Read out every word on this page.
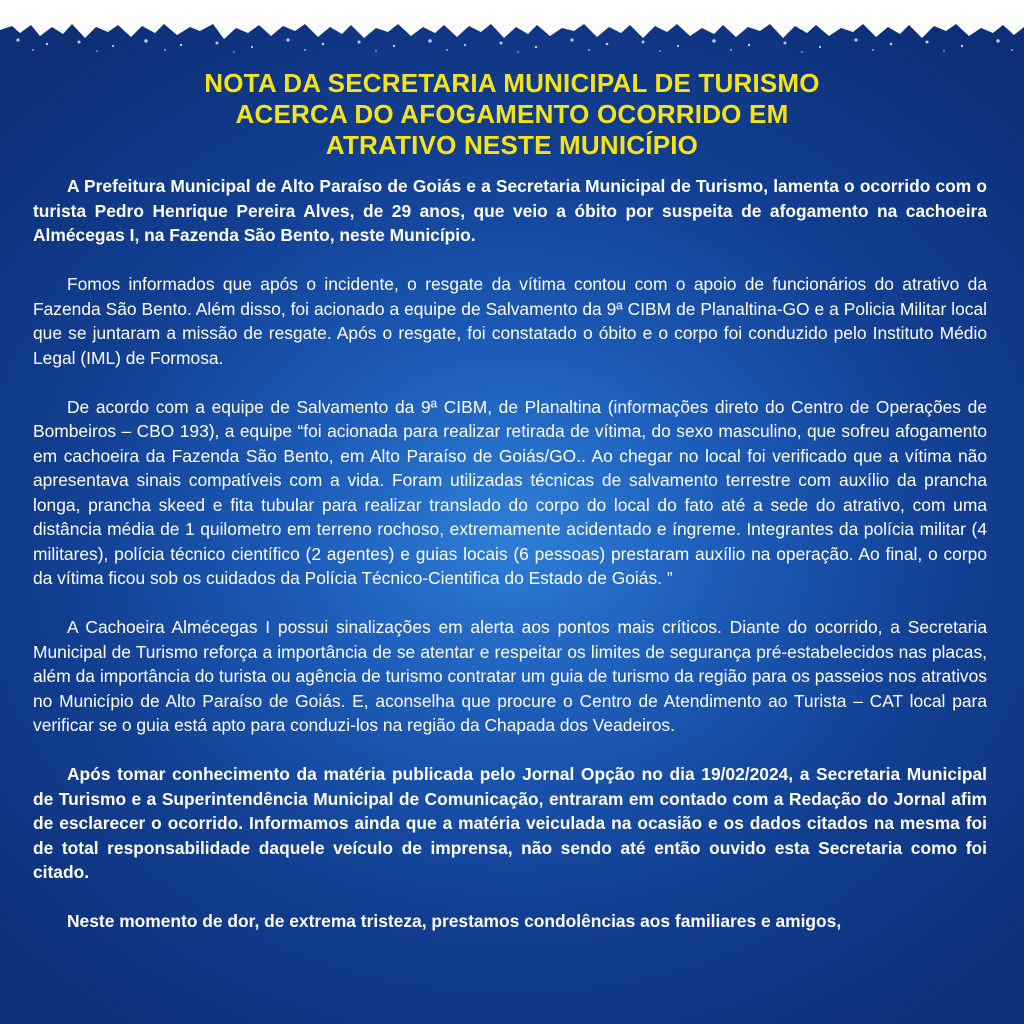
NOTA DA SECRETARIA MUNICIPAL DE TURISMO
ACERCA DO AFOGAMENTO OCORRIDO EM
ATRATIVO NESTE MUNICÍPIO

A Prefeitura Municipal de Alto Paraíso de Goiás e a Secretaria Municipal de Turismo, lamenta o ocorrido com o turista Pedro Henrique Pereira Alves, de 29 anos, que veio a óbito por suspeita de afogamento na cachoeira Almécegas I, na Fazenda São Bento, neste Município.

Fomos informados que após o incidente, o resgate da vítima contou com o apoio de funcionários do atrativo da Fazenda São Bento. Além disso, foi acionado a equipe de Salvamento da 9ª CIBM de Planaltina-GO e a Policia Militar local que se juntaram a missão de resgate. Após o resgate, foi constatado o óbito e o corpo foi conduzido pelo Instituto Médio Legal (IML) de Formosa.

De acordo com a equipe de Salvamento da 9ª CIBM, de Planaltina (informações direto do Centro de Operações de Bombeiros – CBO 193), a equipe “foi acionada para realizar retirada de vítima, do sexo masculino, que sofreu afogamento em cachoeira da Fazenda São Bento, em Alto Paraíso de Goiás/GO.. Ao chegar no local foi verificado que a vítima não apresentava sinais compatíveis com a vida. Foram utilizadas técnicas de salvamento terrestre com auxílio da prancha longa, prancha skeed e fita tubular para realizar translado do corpo do local do fato até a sede do atrativo, com uma distância média de 1 quilometro em terreno rochoso, extremamente acidentado e íngreme. Integrantes da polícia militar (4 militares), polícia técnico científico (2 agentes) e guias locais (6 pessoas) prestaram auxílio na operação. Ao final, o corpo da vítima ficou sob os cuidados da Polícia Técnico-Cientifica do Estado de Goiás. ”

A Cachoeira Almécegas I possui sinalizações em alerta aos pontos mais críticos. Diante do ocorrido, a Secretaria Municipal de Turismo reforça a importância de se atentar e respeitar os limites de segurança pré-estabelecidos nas placas, além da importância do turista ou agência de turismo contratar um guia de turismo da região para os passeios nos atrativos no Município de Alto Paraíso de Goiás. E, aconselha que procure o Centro de Atendimento ao Turista – CAT local para verificar se o guia está apto para conduzi-los na região da Chapada dos Veadeiros.

Após tomar conhecimento da matéria publicada pelo Jornal Opção no dia 19/02/2024, a Secretaria Municipal de Turismo e a Superintendência Municipal de Comunicação, entraram em contado com a Redação do Jornal afim de esclarecer o ocorrido. Informamos ainda que a matéria veiculada na ocasião e os dados citados na mesma foi de total responsabilidade daquele veículo de imprensa, não sendo até então ouvido esta Secretaria como foi citado.

Neste momento de dor, de extrema tristeza, prestamos condolências aos familiares e amigos,
